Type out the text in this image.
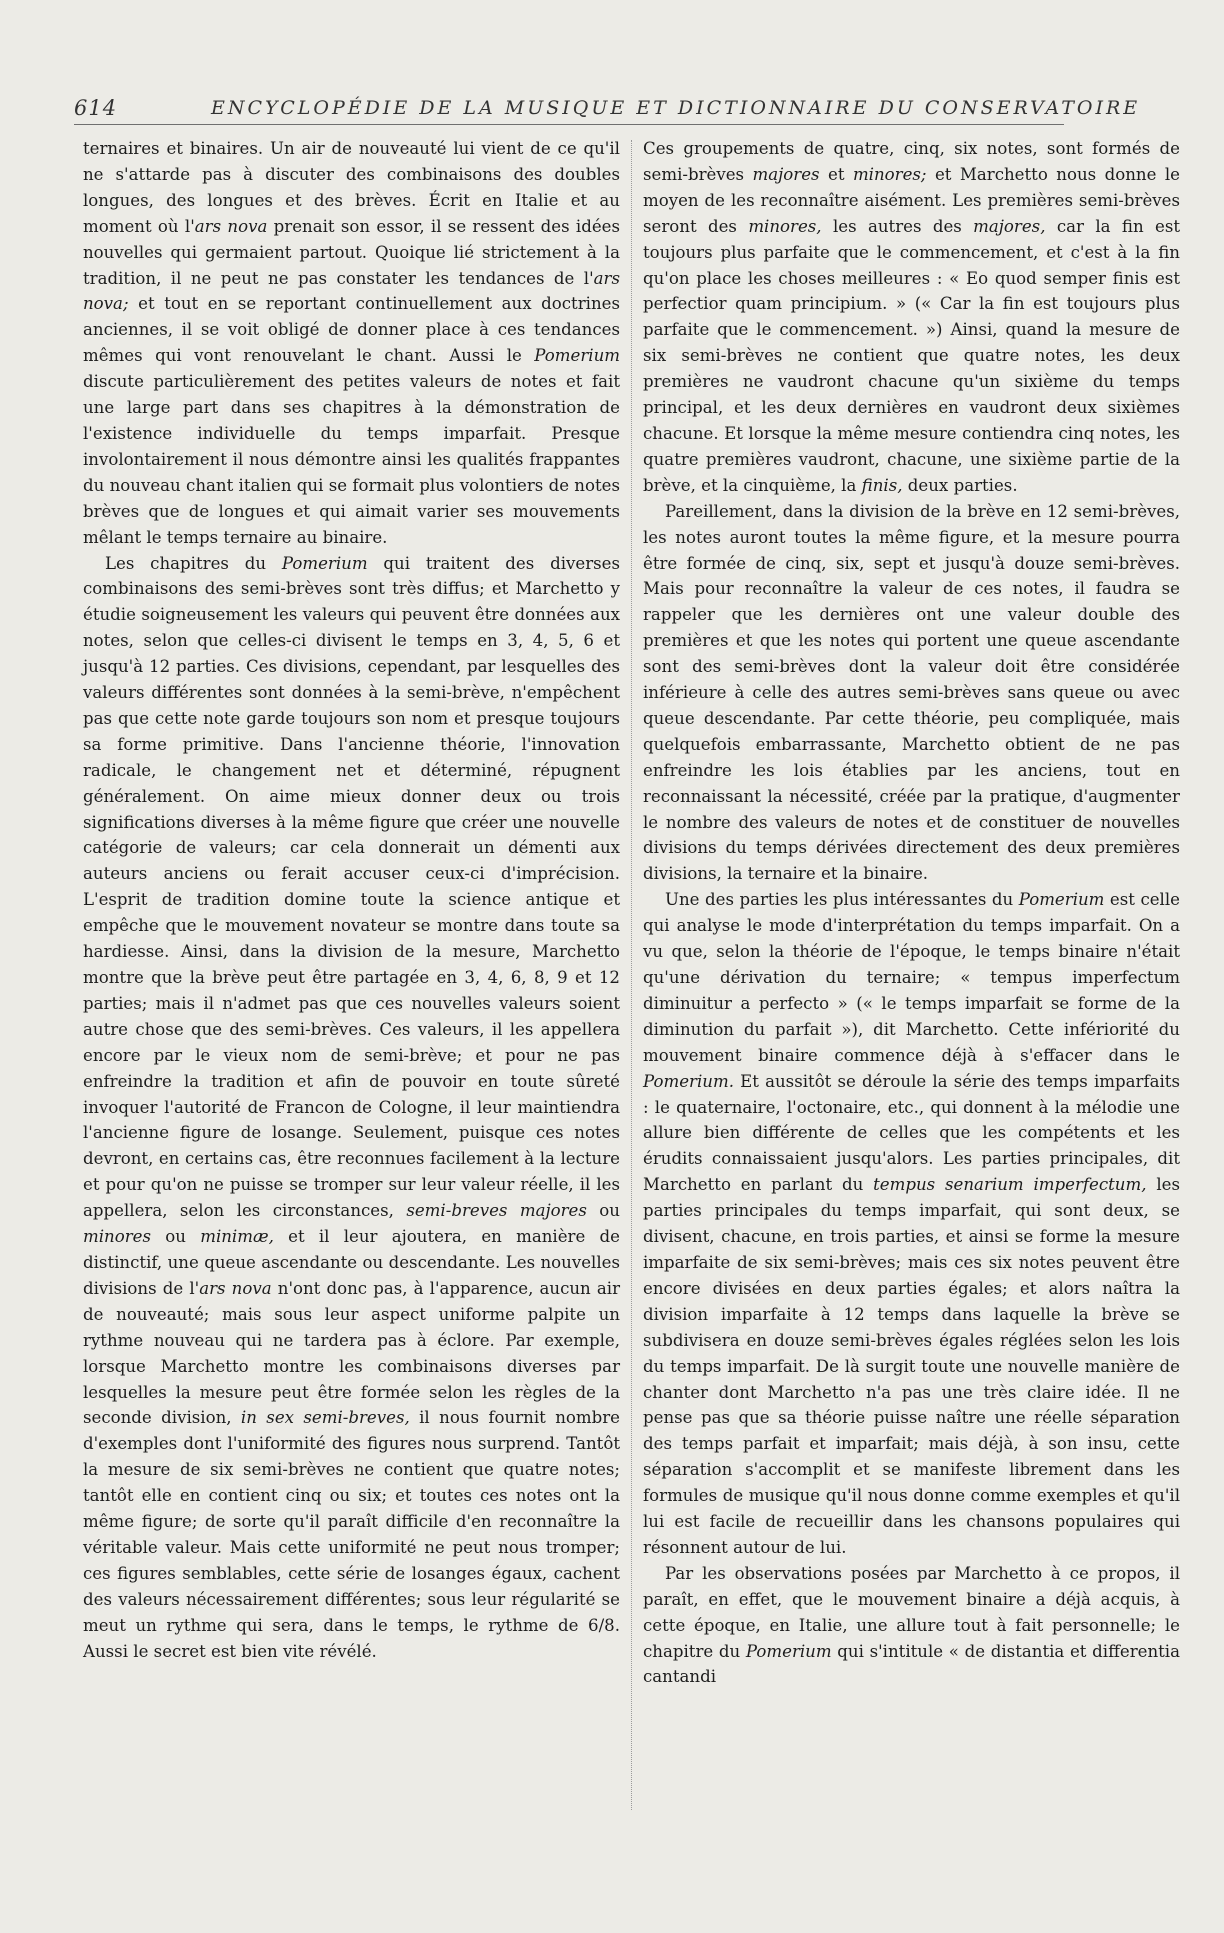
614	ENCYCLOPÉDIE DE LA MUSIQUE ET DICTIONNAIRE DU CONSERVATOIRE

ternaires et binaires. Un air de nouveauté lui vient de ce qu'il ne s'attarde pas à discuter des combinaisons des doubles longues, des longues et des brèves. Écrit en Italie et au moment où l'ars nova prenait son essor, il se ressent des idées nouvelles qui germaient partout. Quoique lié strictement à la tradition, il ne peut ne pas constater les tendances de l'ars nova; et tout en se reportant continuellement aux doctrines anciennes, il se voit obligé de donner place à ces tendances mêmes qui vont renouvelant le chant. Aussi le Pomerium discute particulièrement des petites valeurs de notes et fait une large part dans ses chapitres à la démonstration de l'existence individuelle du temps imparfait. Presque involontairement il nous démontre ainsi les qualités frappantes du nouveau chant italien qui se formait plus volontiers de notes brèves que de longues et qui aimait varier ses mouvements mêlant le temps ternaire au binaire.

Les chapitres du Pomerium qui traitent des diverses combinaisons des semi-brèves sont très diffus; et Marchetto y étudie soigneusement les valeurs qui peuvent être données aux notes, selon que celles-ci divisent le temps en 3, 4, 5, 6 et jusqu'à 12 parties. Ces divisions, cependant, par lesquelles des valeurs différentes sont données à la semi-brève, n'empêchent pas que cette note garde toujours son nom et presque toujours sa forme primitive. Dans l'ancienne théorie, l'innovation radicale, le changement net et déterminé, répugnent généralement. On aime mieux donner deux ou trois significations diverses à la même figure que créer une nouvelle catégorie de valeurs; car cela donnerait un démenti aux auteurs anciens ou ferait accuser ceux-ci d'imprécision. L'esprit de tradition domine toute la science antique et empêche que le mouvement novateur se montre dans toute sa hardiesse. Ainsi, dans la division de la mesure, Marchetto montre que la brève peut être partagée en 3, 4, 6, 8, 9 et 12 parties; mais il n'admet pas que ces nouvelles valeurs soient autre chose que des semi-brèves. Ces valeurs, il les appellera encore par le vieux nom de semi-brève; et pour ne pas enfreindre la tradition et afin de pouvoir en toute sûreté invoquer l'autorité de Francon de Cologne, il leur maintiendra l'ancienne figure de losange. Seulement, puisque ces notes devront, en certains cas, être reconnues facilement à la lecture et pour qu'on ne puisse se tromper sur leur valeur réelle, il les appellera, selon les circonstances, semi-breves majores ou minores ou minimæ, et il leur ajoutera, en manière de distinctif, une queue ascendante ou descendante. Les nouvelles divisions de l'ars nova n'ont donc pas, à l'apparence, aucun air de nouveauté; mais sous leur aspect uniforme palpite un rythme nouveau qui ne tardera pas à éclore. Par exemple, lorsque Marchetto montre les combinaisons diverses par lesquelles la mesure peut être formée selon les règles de la seconde division, in sex semi-breves, il nous fournit nombre d'exemples dont l'uniformité des figures nous surprend. Tantôt la mesure de six semi-brèves ne contient que quatre notes; tantôt elle en contient cinq ou six; et toutes ces notes ont la même figure; de sorte qu'il paraît difficile d'en reconnaître la véritable valeur. Mais cette uniformité ne peut nous tromper; ces figures semblables, cette série de losanges égaux, cachent des valeurs nécessairement différentes; sous leur régularité se meut un rythme qui sera, dans le temps, le rythme de 6/8. Aussi le secret est bien vite révélé.

Ces groupements de quatre, cinq, six notes, sont formés de semi-brèves majores et minores; et Marchetto nous donne le moyen de les reconnaître aisément. Les premières semi-brèves seront des minores, les autres des majores, car la fin est toujours plus parfaite que le commencement, et c'est à la fin qu'on place les choses meilleures : « Eo quod semper finis est perfectior quam principium. » (« Car la fin est toujours plus parfaite que le commencement. ») Ainsi, quand la mesure de six semi-brèves ne contient que quatre notes, les deux premières ne vaudront chacune qu'un sixième du temps principal, et les deux dernières en vaudront deux sixièmes chacune. Et lorsque la même mesure contiendra cinq notes, les quatre premières vaudront, chacune, une sixième partie de la brève, et la cinquième, la finis, deux parties.

Pareillement, dans la division de la brève en 12 semi-brèves, les notes auront toutes la même figure, et la mesure pourra être formée de cinq, six, sept et jusqu'à douze semi-brèves. Mais pour reconnaître la valeur de ces notes, il faudra se rappeler que les dernières ont une valeur double des premières et que les notes qui portent une queue ascendante sont des semi-brèves dont la valeur doit être considérée inférieure à celle des autres semi-brèves sans queue ou avec queue descendante. Par cette théorie, peu compliquée, mais quelquefois embarrassante, Marchetto obtient de ne pas enfreindre les lois établies par les anciens, tout en reconnaissant la nécessité, créée par la pratique, d'augmenter le nombre des valeurs de notes et de constituer de nouvelles divisions du temps dérivées directement des deux premières divisions, la ternaire et la binaire.

Une des parties les plus intéressantes du Pomerium est celle qui analyse le mode d'interprétation du temps imparfait. On a vu que, selon la théorie de l'époque, le temps binaire n'était qu'une dérivation du ternaire; « tempus imperfectum diminuitur a perfecto » (« le temps imparfait se forme de la diminution du parfait »), dit Marchetto. Cette infériorité du mouvement binaire commence déjà à s'effacer dans le Pomerium. Et aussitôt se déroule la série des temps imparfaits : le quaternaire, l'octonaire, etc., qui donnent à la mélodie une allure bien différente de celles que les compétents et les érudits connaissaient jusqu'alors. Les parties principales, dit Marchetto en parlant du tempus senarium imperfectum, les parties principales du temps imparfait, qui sont deux, se divisent, chacune, en trois parties, et ainsi se forme la mesure imparfaite de six semi-brèves; mais ces six notes peuvent être encore divisées en deux parties égales; et alors naîtra la division imparfaite à 12 temps dans laquelle la brève se subdivisera en douze semi-brèves égales réglées selon les lois du temps imparfait. De là surgit toute une nouvelle manière de chanter dont Marchetto n'a pas une très claire idée. Il ne pense pas que sa théorie puisse naître une réelle séparation des temps parfait et imparfait; mais déjà, à son insu, cette séparation s'accomplit et se manifeste librement dans les formules de musique qu'il nous donne comme exemples et qu'il lui est facile de recueillir dans les chansons populaires qui résonnent autour de lui.

Par les observations posées par Marchetto à ce propos, il paraît, en effet, que le mouvement binaire a déjà acquis, à cette époque, en Italie, une allure tout à fait personnelle; le chapitre du Pomerium qui s'intitule « de distantia et differentia cantandi
